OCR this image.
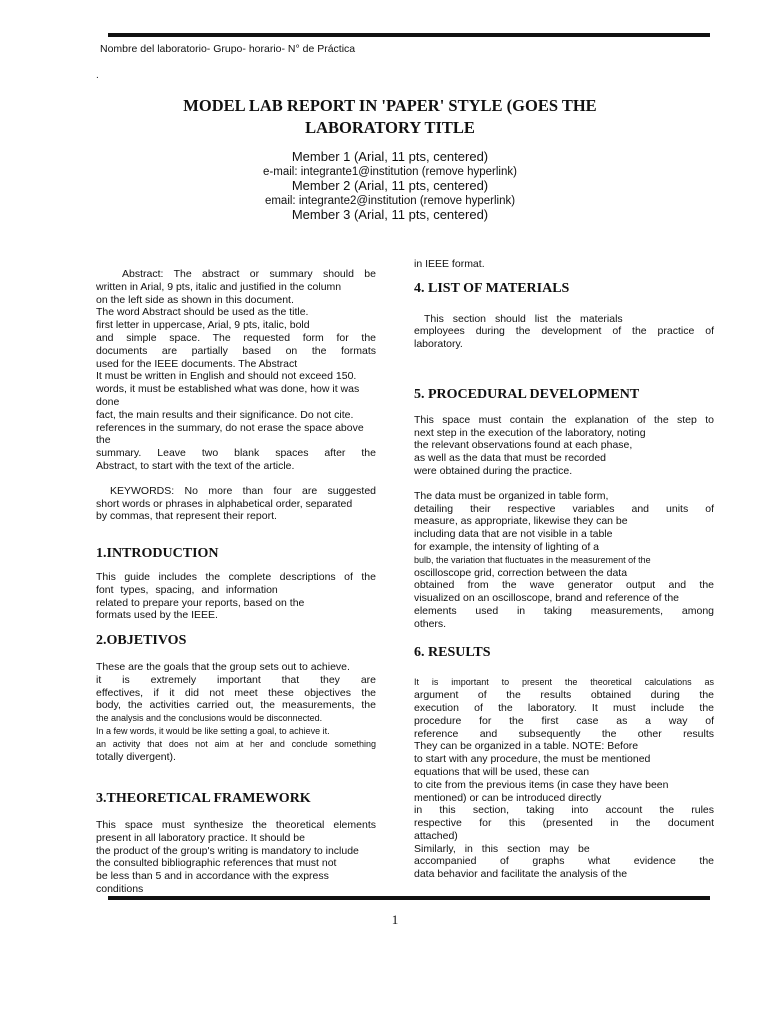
Nombre del laboratorio- Grupo- horario- N° de Práctica
.
MODEL LAB REPORT IN 'PAPER' STYLE (GOES THE
LABORATORY TITLE
Member 1 (Arial, 11 pts, centered)
e-mail: integrante1@institution (remove hyperlink)
Member 2 (Arial, 11 pts, centered)
email: integrante2@institution (remove hyperlink)
Member 3 (Arial, 11 pts, centered)

Abstract: The abstract or summary should be

written in Arial, 9 pts, italic and justified in the column

on the left side as shown in this document.

The word Abstract should be used as the title.

first letter in uppercase, Arial, 9 pts, italic, bold

and simple space. The requested form for the

documents are partially based on the formats

used for the IEEE documents. The Abstract

It must be written in English and should not exceed 150.

words, it must be established what was done, how it was done

fact, the main results and their significance. Do not cite.

references in the summary, do not erase the space above the

summary. Leave two blank spaces after the

Abstract, to start with the text of the article.

KEYWORDS: No more than four are suggested

short words or phrases in alphabetical order, separated

by commas, that represent their report.

1.INTRODUCTION

This guide includes the complete descriptions of the

font types, spacing, and information

related to prepare your reports, based on the

formats used by the IEEE.

2.OBJETIVOS

These are the goals that the group sets out to achieve.

it is extremely important that they are

effectives, if it did not meet these objectives the

body, the activities carried out, the measurements, the

the analysis and the conclusions would be disconnected.

In a few words, it would be like setting a goal, to achieve it.

an activity that does not aim at her and conclude something

totally divergent).

3.THEORETICAL FRAMEWORK

This space must synthesize the theoretical elements

present in all laboratory practice. It should be

the product of the group's writing is mandatory to include

the consulted bibliographic references that must not

be less than 5 and in accordance with the express conditions

in IEEE format.

4. LIST OF MATERIALS

This section should list the materials

employees during the development of the practice of

laboratory.

5. PROCEDURAL DEVELOPMENT

This space must contain the explanation of the step to

next step in the execution of the laboratory, noting

the relevant observations found at each phase,

as well as the data that must be recorded

were obtained during the practice.

The data must be organized in table form,

detailing their respective variables and units of

measure, as appropriate, likewise they can be

including data that are not visible in a table

for example, the intensity of lighting of a

bulb, the variation that fluctuates in the measurement of the

oscilloscope grid, correction between the data

obtained from the wave generator output and the

visualized on an oscilloscope, brand and reference of the

elements used in taking measurements, among

others.

6. RESULTS

It is important to present the theoretical calculations as

argument of the results obtained during the

execution of the laboratory. It must include the

procedure for the first case as a way of

reference and subsequently the other results

They can be organized in a table. NOTE: Before

to start with any procedure, the must be mentioned

equations that will be used, these can

to cite from the previous items (in case they have been

mentioned) or can be introduced directly

in this section, taking into account the rules

respective for this (presented in the document

attached)

Similarly, in this section may be

accompanied of graphs what evidence the

data behavior and facilitate the analysis of the

1
